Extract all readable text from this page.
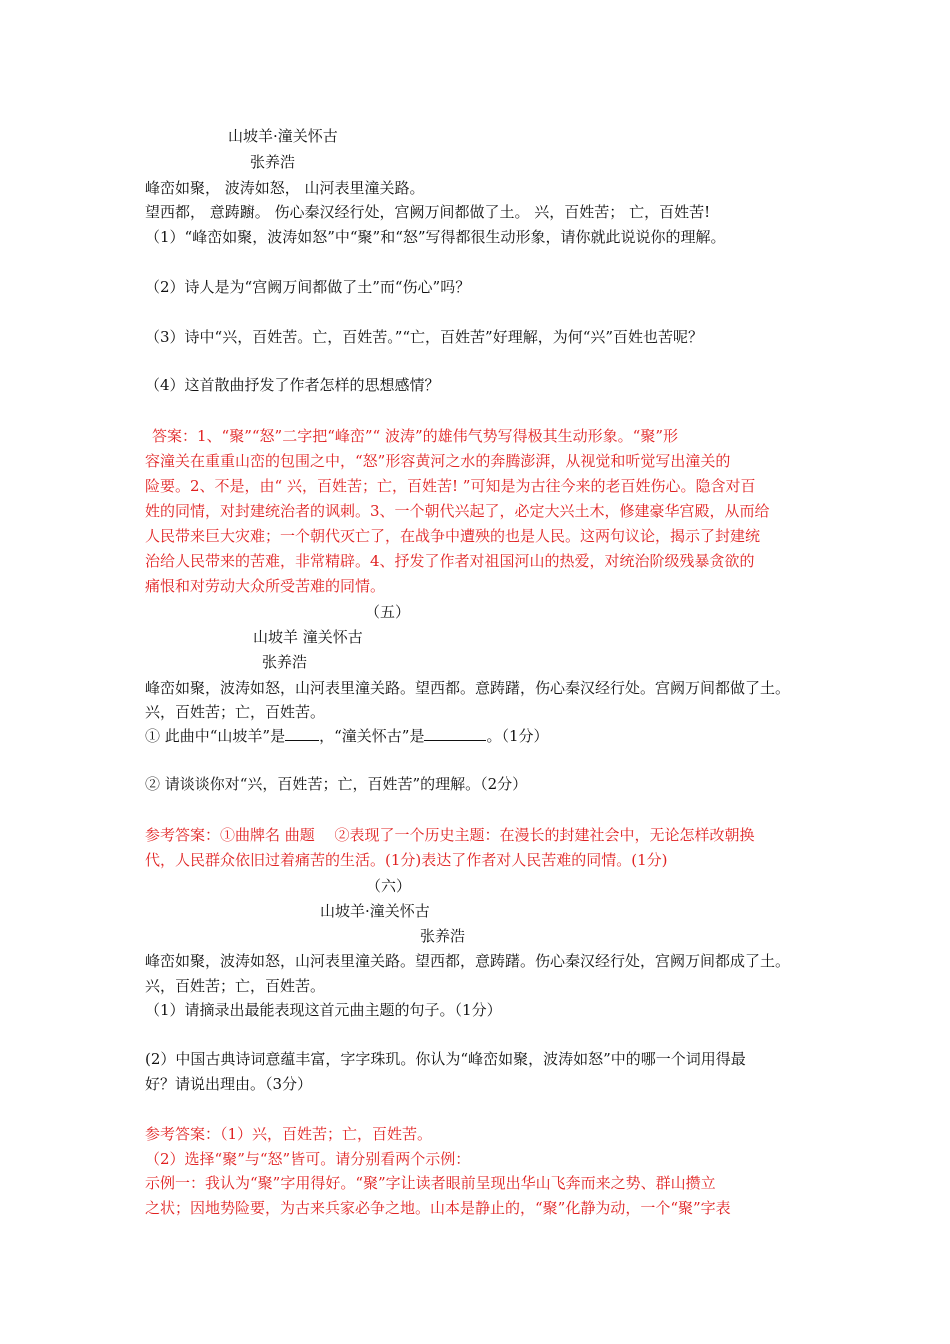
山坡羊·潼关怀古
张养浩
峰峦如聚， 波涛如怒， 山河表里潼关路。
望西都， 意踌躕。 伤心秦汉经行处，宫阙万间都做了土。 兴，百姓苦； 亡，百姓苦!
（1）“峰峦如聚，波涛如怒”中“聚”和“怒”写得都很生动形象，请你就此说说你的理解。
（2）诗人是为“宫阙万间都做了土”而“伤心”吗？
（3）诗中“兴，百姓苦。亡，百姓苦。”“亡，百姓苦”好理解，为何“兴”百姓也苦呢？
（4）这首散曲抒发了作者怎样的思想感情？
答案：1、“聚”“怒”二字把“峰峦”“ 波涛”的雄伟气势写得极其生动形象。“聚”形
容潼关在重重山峦的包围之中，“怒”形容黄河之水的奔腾澎湃，从视觉和听觉写出潼关的
险要。2、不是，由“ 兴，百姓苦；亡，百姓苦! ”可知是为古往今来的老百姓伤心。隐含对百
姓的同情，对封建统治者的讽刺。3、一个朝代兴起了，必定大兴土木，修建豪华宫殿，从而给
人民带来巨大灾难；一个朝代灭亡了，在战争中遭殃的也是人民。这两句议论，揭示了封建统
治给人民带来的苦难，非常精辟。4、抒发了作者对祖国河山的热爱，对统治阶级残暴贪欲的
痛恨和对劳动大众所受苦难的同情。
（五）
山坡羊 潼关怀古
张养浩
峰峦如聚，波涛如怒，山河表里潼关路。望西都。意踌躇，伤心秦汉经行处。宫阙万间都做了土。
兴，百姓苦；亡，百姓苦。
① 此曲中“山坡羊”是 ，“潼关怀古”是	。（1分）
② 请谈谈你对“兴，百姓苦；亡，百姓苦”的理解。（2分）
参考答案：①曲牌名 曲题　 ②表现了一个历史主题：在漫长的封建社会中，无论怎样改朝换
代，人民群众依旧过着痛苦的生活。(1分)表达了作者对人民苦难的同情。(1分)
（六）
山坡羊·潼关怀古
张养浩
峰峦如聚，波涛如怒，山河表里潼关路。望西都，意踌躇。伤心秦汉经行处，宫阙万间都成了土。
兴，百姓苦；亡，百姓苦。
（1）请摘录出最能表现这首元曲主题的句子。（1分）
(2）中国古典诗词意蕴丰富，字字珠玑。你认为“峰峦如聚，波涛如怒”中的哪一个词用得最
好？请说出理由。（3分）
参考答案：（1）兴，百姓苦；亡，百姓苦。
（2）选择“聚”与“怒”皆可。请分别看两个示例：
示例一：我认为“聚”字用得好。“聚”字让读者眼前呈现出华山飞奔而来之势、群山攒立
之状；因地势险要，为古来兵家必争之地。山本是静止的，“聚”化静为动，一个“聚”字表
